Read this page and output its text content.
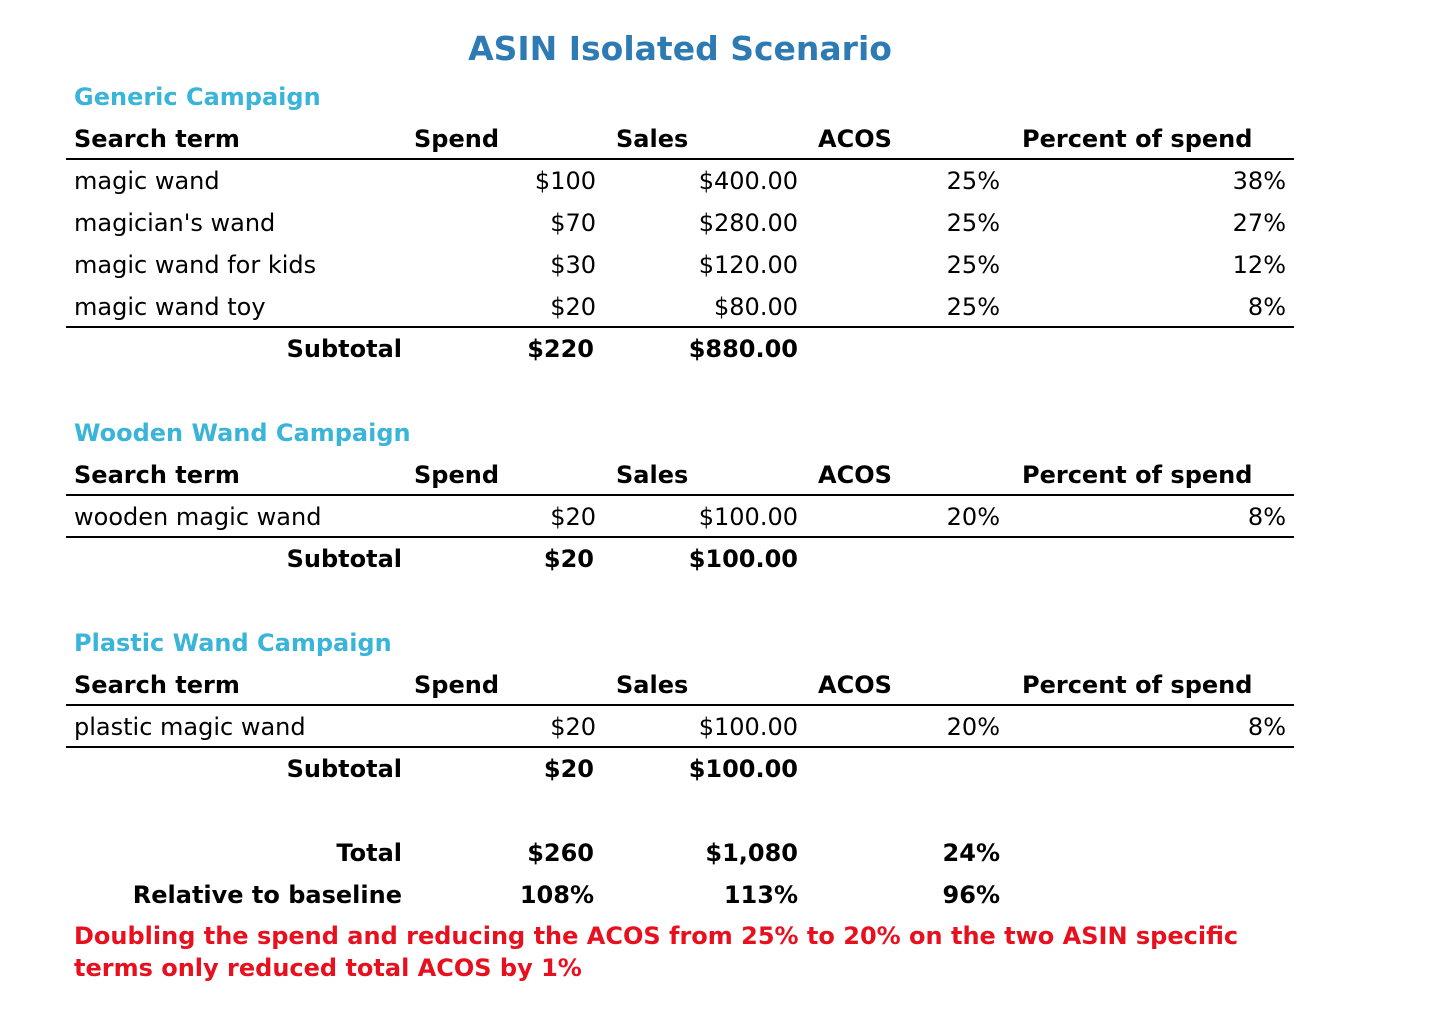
ASIN Isolated Scenario
Generic Campaign
Search term	Spend	Sales	ACOS	Percent of spend
magic wand	$100	$400.00	25%	38%
magician's wand	$70	$280.00	25%	27%
magic wand for kids	$30	$120.00	25%	12%
magic wand toy	$20	$80.00	25%	8%
Subtotal	$220	$880.00
Wooden Wand Campaign
Search term	Spend	Sales	ACOS	Percent of spend
wooden magic wand	$20	$100.00	20%	8%
Subtotal	$20	$100.00
Plastic Wand Campaign
Search term	Spend	Sales	ACOS	Percent of spend
plastic magic wand	$20	$100.00	20%	8%
Subtotal	$20	$100.00
Total	$260	$1,080	24%
Relative to baseline	108%	113%	96%
Doubling the spend and reducing the ACOS from 25% to 20% on the two ASIN specific terms only reduced total ACOS by 1%
